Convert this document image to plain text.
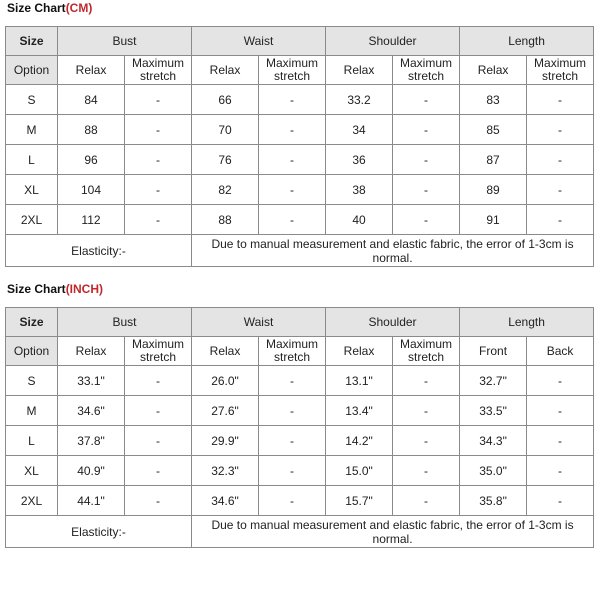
Size Chart(CM)
Size	Bust		Waist		Shoulder		Length	
Option	Relax	Maximum stretch	Relax	Maximum stretch	Relax	Maximum stretch	Relax	Maximum stretch
S	84	-	66	-	33.2	-	83	-
M	88	-	70	-	34	-	85	-
L	96	-	76	-	36	-	87	-
XL	104	-	82	-	38	-	89	-
2XL	112	-	88	-	40	-	91	-
Elasticity:-			Due to manual measurement and elastic fabric, the error of 1-3cm is normal.					
Size Chart(INCH)
Size	Bust		Waist		Shoulder		Length	
Option	Relax	Maximum stretch	Relax	Maximum stretch	Relax	Maximum stretch	Front	Back
S	33.1"	-	26.0"	-	13.1"	-	32.7"	-
M	34.6"	-	27.6"	-	13.4"	-	33.5"	-
L	37.8"	-	29.9"	-	14.2"	-	34.3"	-
XL	40.9"	-	32.3"	-	15.0"	-	35.0"	-
2XL	44.1"	-	34.6"	-	15.7"	-	35.8"	-
Elasticity:-			Due to manual measurement and elastic fabric, the error of 1-3cm is normal.					
